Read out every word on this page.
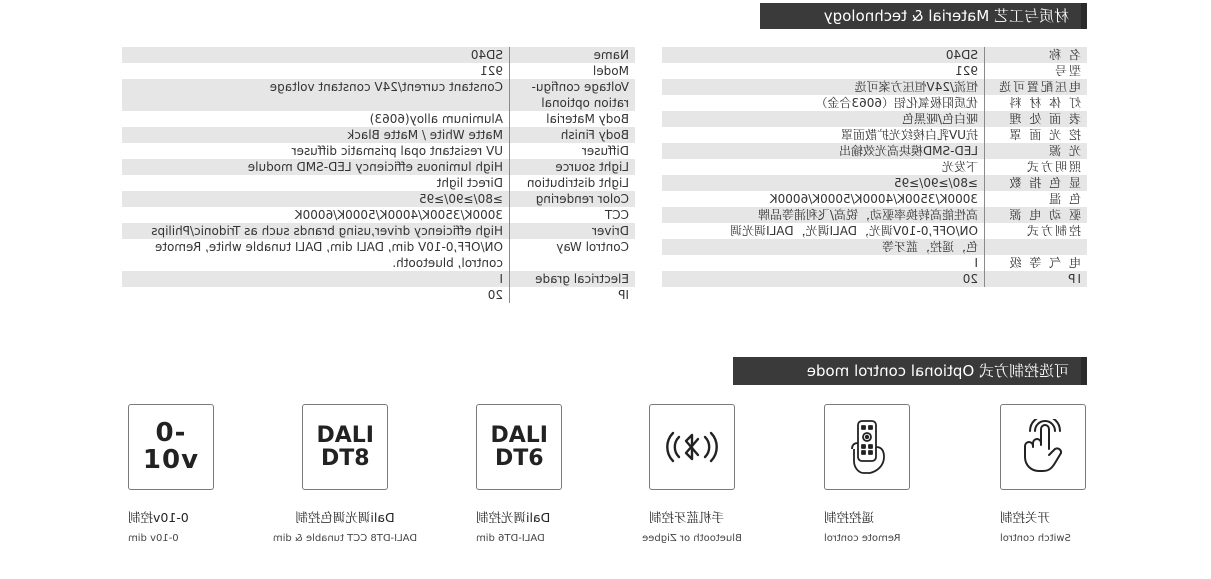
材质与工艺 Material & technology
名 称
SD40
型号
921
电压配置可选
恒流/24V恒压方案可选
灯 体 材 料
优质阳极氧化铝（6063合金）
表 面 处 理
哑白色/哑黑色
挖 光 面 罩
抗UV乳白棱纹光扩散面罩
光 源
LED-SMD模块高光效输出
照明方式
下发光
显 色 指 数
≥80/≥90/≥95
色 温
3000K/3500K/4000K/5000K/6000K
驱 动 电 源
高性能高转换率驱动，锐高/飞利浦等品牌
控制方式
ON/OFF,0-10V调光，DALI调光，DALI调光调
色，遥控，蓝牙等
电 气 等 级
I
IP
20
Name
SD40
Model
921
Voltage configu-
ration optional
Constant current/24V constant voltage
Body Material
Aluminum alloy(6063)
Body Finish
Matte White / Matte Black
Diffuser
UV resistant opal prismatic diffuser
Light source
High luminous efficiency LED-SMD module
Light distribution
Direct light
Color rendering
≥80/≥90/≥95
CCT
3000K/3500K/4000K/5000K/6000K
Driver
High efficiency driver,using brands such as Tridonic/Philips
Control Way
ON/OFF,0-10V dim, DALI dim, DALI tunable white, Remote control, bluetooth.
Electrical grade
I
IP
20
可选控制方式 Optional control mode
开关控制
Switch control
遥控控制
Remote control
手机蓝牙控制
Bluetooth or Zigbee
DALI
DT6
Dali调光控制
DALI-DT6 dim
DALI
DT8
Dali调光调色控制
DALI-DT8 CCT tunable & dim
0-10v
0-10v控制
0-10v dim
